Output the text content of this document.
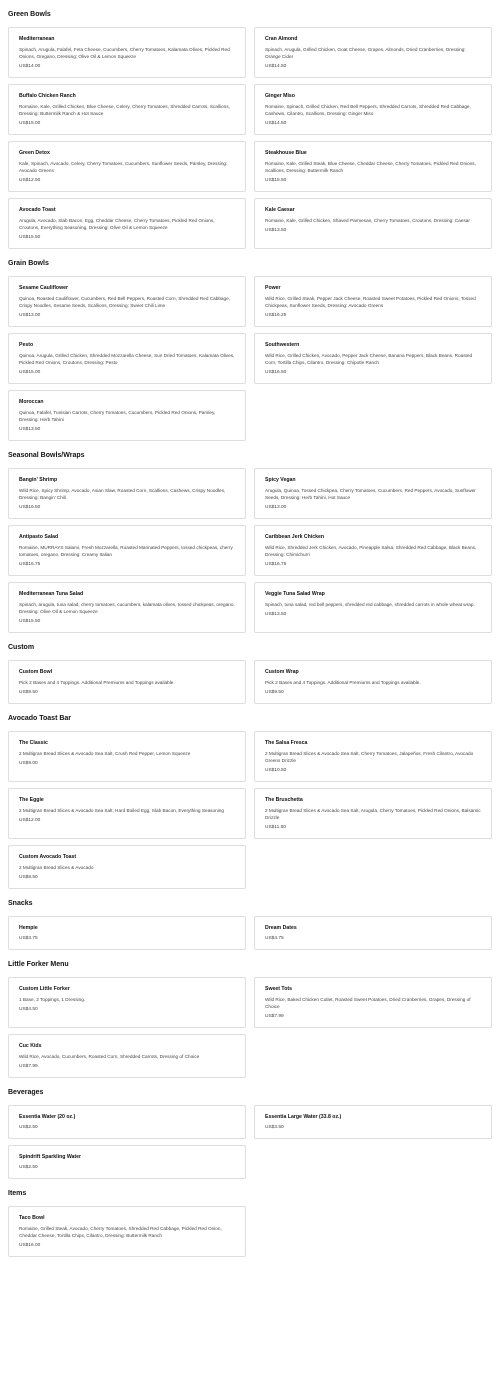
Green Bowls
Mediterranean
Spinach, Arugula, Falafel, Feta Cheese, Cucumbers, Cherry Tomatoes, Kalamata Olives, Pickled Red Onions, Oregano, Dressing: Olive Oil & Lemon Squeeze
US$14.00
Cran Almond
Spinach, Arugula, Grilled Chicken, Goat Cheese, Grapes, Almonds, Dried Cranberries, Dressing: Orange Cider
US$14.50
Buffalo Chicken Ranch
Romaine, Kale, Grilled Chicken, Blue Cheese, Celery, Cherry Tomatoes, Shredded Carrots, Scallions, Dressing: Buttermilk Ranch & Hot Sauce
US$15.00
Ginger Miso
Romaine, Spinach, Grilled Chicken, Red Bell Peppers, Shredded Carrots, Shredded Red Cabbage, Cashews, Cilantro, Scallions, Dressing: Ginger Miso
US$14.50
Green Detox
Kale, Spinach, Avocado, Celery, Cherry Tomatoes, Cucumbers, Sunflower Seeds, Parsley, Dressing: Avocado Greens
US$12.50
Steakhouse Blue
Romaine, Kale, Grilled Steak, Blue Cheese, Cheddar Cheese, Cherry Tomatoes, Pickled Red Onions, Scallions, Dressing: Buttermilk Ranch
US$15.50
Avocado Toast
Arugula, Avocado, Slab Bacon, Egg, Cheddar Cheese, Cherry Tomatoes, Pickled Red Onions, Croutons, Everything Seasoning, Dressing: Olive Oil & Lemon Squeeze
US$15.50
Kale Caesar
Romaine, Kale, Grilled Chicken, Shaved Parmesan, Cherry Tomatoes, Croutons, Dressing: Caesar
US$13.50
Grain Bowls
Sesame Cauliflower
Quinoa, Roasted Cauliflower, Cucumbers, Red Bell Peppers, Roasted Corn, Shredded Red Cabbage, Crispy Noodles, Sesame Seeds, Scallions, Dressing: Sweet Chili Lime
US$13.00
Power
Wild Rice, Grilled Steak, Pepper Jack Cheese, Roasted Sweet Potatoes, Pickled Red Onions, Tossed Chickpeas, Sunflower Seeds, Dressing: Avocado Greens
US$16.25
Pesto
Quinoa, Arugula, Grilled Chicken, Shredded Mozzarella Cheese, Sun Dried Tomatoes, Kalamata Olives, Pickled Red Onions, Croutons, Dressing: Pesto
US$15.00
Southwestern
Wild Rice, Grilled Chicken, Avocado, Pepper Jack Cheese, Banana Peppers, Black Beans, Roasted Corn, Tortilla Chips, Cilantro, Dressing: Chipotle Ranch
US$16.50
Moroccan
Quinoa, Falafel, Tunisian Carrots, Cherry Tomatoes, Cucumbers, Pickled Red Onions, Parsley, Dressing: Herb Tahini
US$13.50
Seasonal Bowls/Wraps
Bangin' Shrimp
Wild Rice, Spicy Shrimp, Avocado, Asian Slaw, Roasted Corn, Scallions, Cashews, Crispy Noodles, Dressing: Bangin' Chili
US$16.50
Spicy Vegan
Arugula, Quinoa, Tossed Chickpea, Cherry Tomatoes, Cucumbers, Red Peppers, Avocado, Sunflower Seeds, Dressing: Herb Tahini, Hot Sauce
US$13.00
Antipasto Salad
Romaine, MURRAYS Salami, Fresh Mozzarella, Roasted Marinated Peppers, tossed chickpeas, cherry tomatoes, oregano. Dressing: Creamy Italian
US$16.75
Caribbean Jerk Chicken
Wild Rice, Shredded Jerk Chicken, Avocado, Pineapple Salsa, Shredded Red Cabbage, Black Beans, Dressing: Chimichurri
US$16.75
Mediterranean Tuna Salad
Spinach, arugula, tuna salad, cherry tomatoes, cucumbers, kalamata olives, tossed chickpeas, oregano. Dressing: Olive Oil & Lemon Squeeze
US$15.50
Veggie Tuna Salad Wrap
Spinach, tuna salad, red bell peppers, shredded red cabbage, shredded carrots in whole wheat wrap.
US$13.50
Custom
Custom Bowl
Pick 2 Bases and 4 Toppings. Additional Premiums and Toppings available.
US$9.50
Custom Wrap
Pick 2 Bases and 4 Toppings. Additional Premiums and Toppings available.
US$9.50
Avocado Toast Bar
The Classic
2 Multigran Bread Slices & Avocado Sea Salt, Crush Red Pepper, Lemon Squeeze
US$9.00
The Salsa Fresca
2 Multigran Bread Slices & Avocado Sea Salt, Cherry Tomatoes, Jalapeños, Fresh Cilantro, Avocado Greens Drizzle
US$10.50
The Eggie
2 Multigran Bread Slices & Avocado Sea Salt, Hard Boiled Egg, Slab Bacon, Everything Seasoning
US$12.00
The Bruschetta
2 Multigran Bread Slices & Avocado Sea Salt, Arugula, Cherry Tomatoes, Pickled Red Onions, Balsamic Drizzle
US$11.50
Custom Avocado Toast
2 Multigran Bread Slices & Avocado
US$8.50
Snacks
Hempie
US$3.75
Dream Dates
US$4.75
Little Forker Menu
Custom Little Forker
1 Base, 2 Toppings, 1 Dressing.
US$4.50
Sweet Tots
Wild Rice, Baked Chicken Cutlet, Roasted Sweet Potatoes, Dried Cranberries, Grapes, Dressing of Choice
US$7.99
Cuc Kids
Wild Rice, Avocado, Cucumbers, Roasted Corn, Shredded Carrots, Dressing of Choice
US$7.99
Beverages
Essentia Water (20 oz.)
US$2.50
Essentia Large Water (33.8 oz.)
US$3.50
Spindrift Sparkling Water
US$2.50
Items
Taco Bowl
Romaine, Grilled Steak, Avocado, Cherry Tomatoes, Shredded Red Cabbage, Pickled Red Onion, Cheddar Cheese, Tortilla Chips, Cilantro, Dressing: Buttermilk Ranch
US$16.00
